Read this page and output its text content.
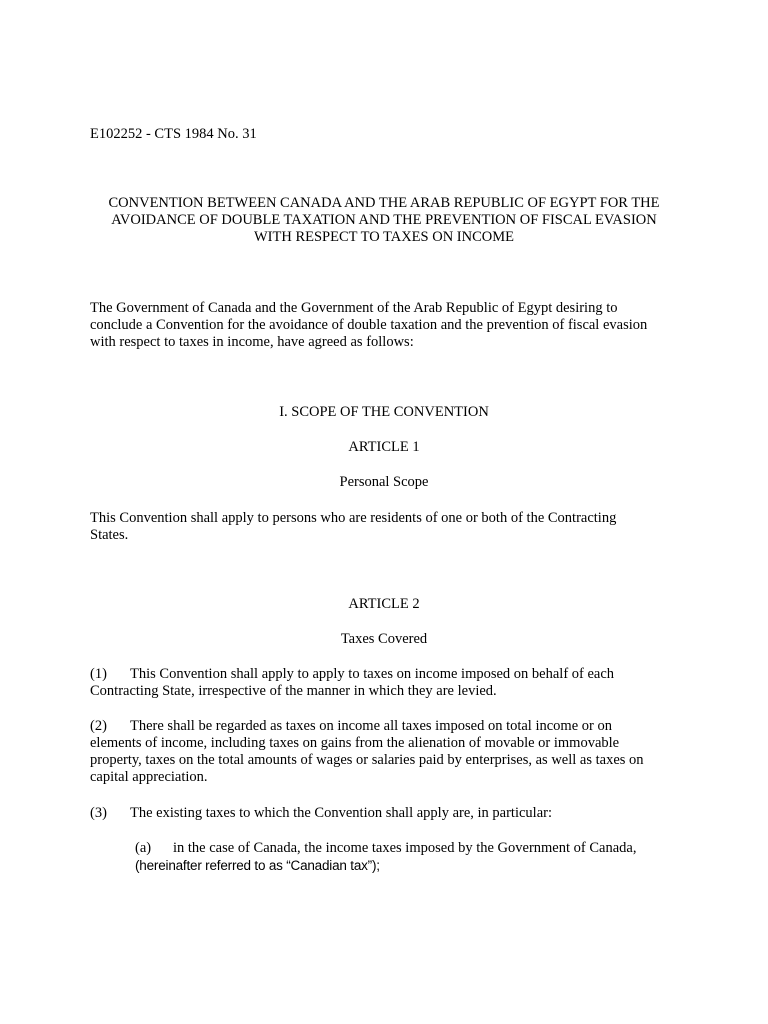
E102252 - CTS 1984 No. 31
CONVENTION BETWEEN CANADA AND THE ARAB REPUBLIC OF EGYPT FOR THE
AVOIDANCE OF DOUBLE TAXATION AND THE PREVENTION OF FISCAL EVASION
WITH RESPECT TO TAXES ON INCOME
The Government of Canada and the Government of the Arab Republic of Egypt desiring to
conclude a Convention for the avoidance of double taxation and the prevention of fiscal evasion
with respect to taxes in income, have agreed as follows:
I. SCOPE OF THE CONVENTION
ARTICLE 1
Personal Scope
This Convention shall apply to persons who are residents of one or both of the Contracting
States.
ARTICLE 2
Taxes Covered
(1) This Convention shall apply to apply to taxes on income imposed on behalf of each
Contracting State, irrespective of the manner in which they are levied.
(2) There shall be regarded as taxes on income all taxes imposed on total income or on
elements of income, including taxes on gains from the alienation of movable or immovable
property, taxes on the total amounts of wages or salaries paid by enterprises, as well as taxes on
capital appreciation.
(3) The existing taxes to which the Convention shall apply are, in particular:
(a) in the case of Canada, the income taxes imposed by the Government of Canada,
(hereinafter referred to as “Canadian tax”);
